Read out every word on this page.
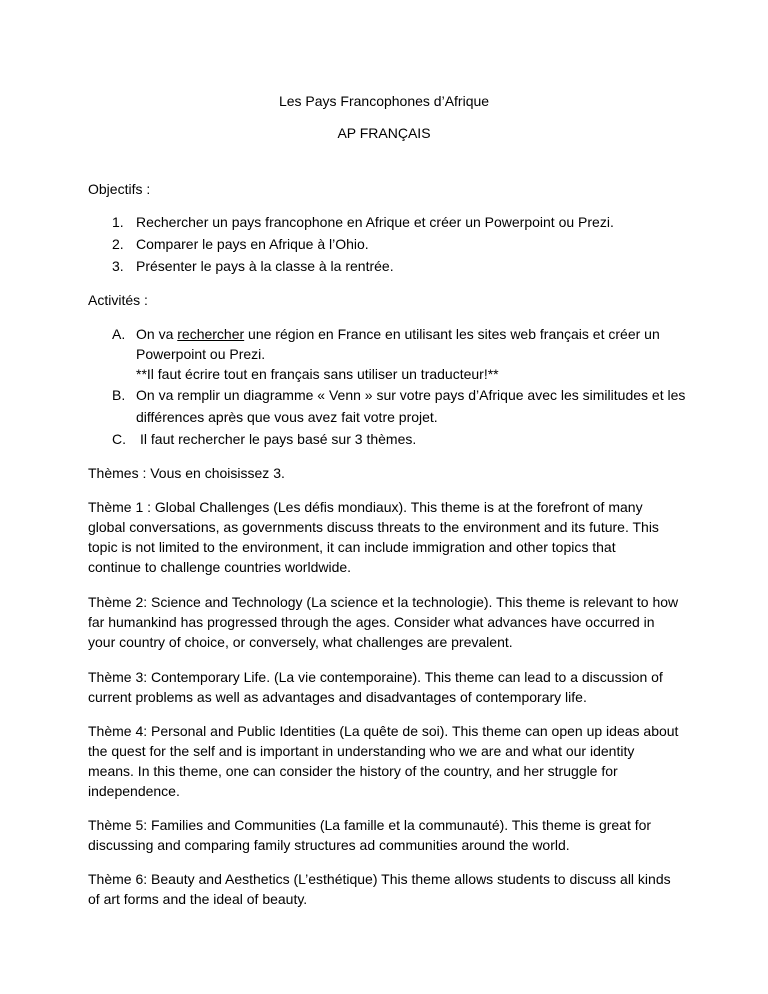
Les Pays Francophones d’Afrique
AP FRANÇAIS
Objectifs :
1. Rechercher un pays francophone en Afrique et créer un Powerpoint ou Prezi.
2. Comparer le pays en Afrique à l’Ohio.
3. Présenter le pays à la classe à la rentrée.
Activités :
A. On va rechercher une région en France en utilisant les sites web français et créer un
Powerpoint ou Prezi.
**Il faut écrire tout en français sans utiliser un traducteur!**
B. On va remplir un diagramme « Venn » sur votre pays d’Afrique avec les similitudes et les
différences après que vous avez fait votre projet.
C. Il faut rechercher le pays basé sur 3 thèmes.
Thèmes : Vous en choisissez 3.
Thème 1 : Global Challenges (Les défis mondiaux). This theme is at the forefront of many
global conversations, as governments discuss threats to the environment and its future. This
topic is not limited to the environment, it can include immigration and other topics that
continue to challenge countries worldwide.
Thème 2: Science and Technology (La science et la technologie). This theme is relevant to how
far humankind has progressed through the ages. Consider what advances have occurred in
your country of choice, or conversely, what challenges are prevalent.
Thème 3: Contemporary Life. (La vie contemporaine). This theme can lead to a discussion of
current problems as well as advantages and disadvantages of contemporary life.
Thème 4: Personal and Public Identities (La quête de soi). This theme can open up ideas about
the quest for the self and is important in understanding who we are and what our identity
means. In this theme, one can consider the history of the country, and her struggle for
independence.
Thème 5: Families and Communities (La famille et la communauté). This theme is great for
discussing and comparing family structures ad communities around the world.
Thème 6: Beauty and Aesthetics (L’esthétique) This theme allows students to discuss all kinds
of art forms and the ideal of beauty.
